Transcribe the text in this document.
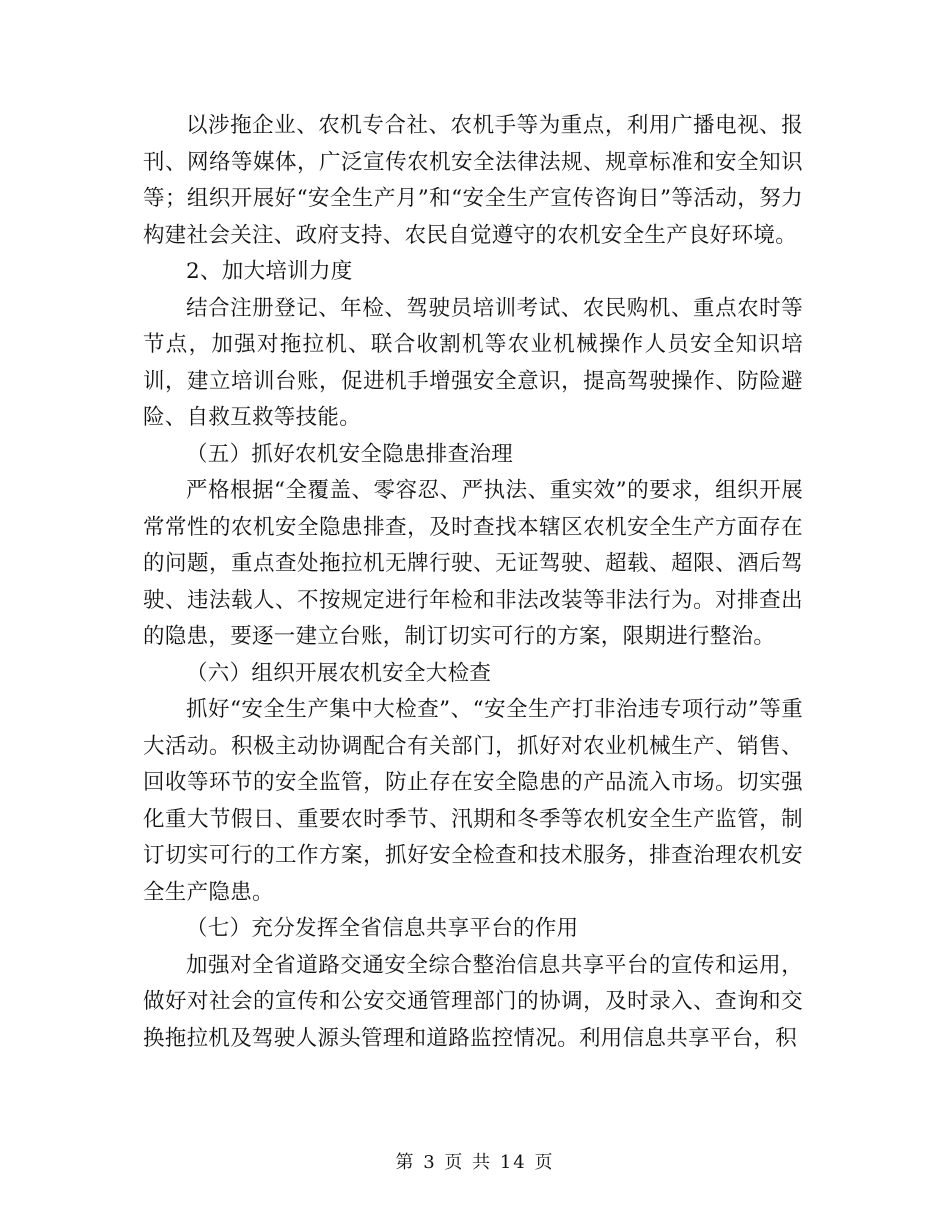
以涉拖企业、农机专合社、农机手等为重点，利用广播电视、报刊、网络等媒体，广泛宣传农机安全法律法规、规章标准和安全知识等；组织开展好“安全生产月”和“安全生产宣传咨询日”等活动，努力构建社会关注、政府支持、农民自觉遵守的农机安全生产良好环境。

2、加大培训力度

结合注册登记、年检、驾驶员培训考试、农民购机、重点农时等节点，加强对拖拉机、联合收割机等农业机械操作人员安全知识培训，建立培训台账，促进机手增强安全意识，提高驾驶操作、防险避险、自救互救等技能。

（五）抓好农机安全隐患排查治理

严格根据“全覆盖、零容忍、严执法、重实效”的要求，组织开展常常性的农机安全隐患排查，及时查找本辖区农机安全生产方面存在的问题，重点查处拖拉机无牌行驶、无证驾驶、超载、超限、酒后驾驶、违法载人、不按规定进行年检和非法改装等非法行为。对排查出的隐患，要逐一建立台账，制订切实可行的方案，限期进行整治。

（六）组织开展农机安全大检查

抓好“安全生产集中大检查”、“安全生产打非治违专项行动”等重大活动。积极主动协调配合有关部门，抓好对农业机械生产、销售、回收等环节的安全监管，防止存在安全隐患的产品流入市场。切实强化重大节假日、重要农时季节、汛期和冬季等农机安全生产监管，制订切实可行的工作方案，抓好安全检查和技术服务，排查治理农机安全生产隐患。

（七）充分发挥全省信息共享平台的作用

加强对全省道路交通安全综合整治信息共享平台的宣传和运用，做好对社会的宣传和公安交通管理部门的协调，及时录入、查询和交换拖拉机及驾驶人源头管理和道路监控情况。利用信息共享平台，积

第 3 页 共 14 页
